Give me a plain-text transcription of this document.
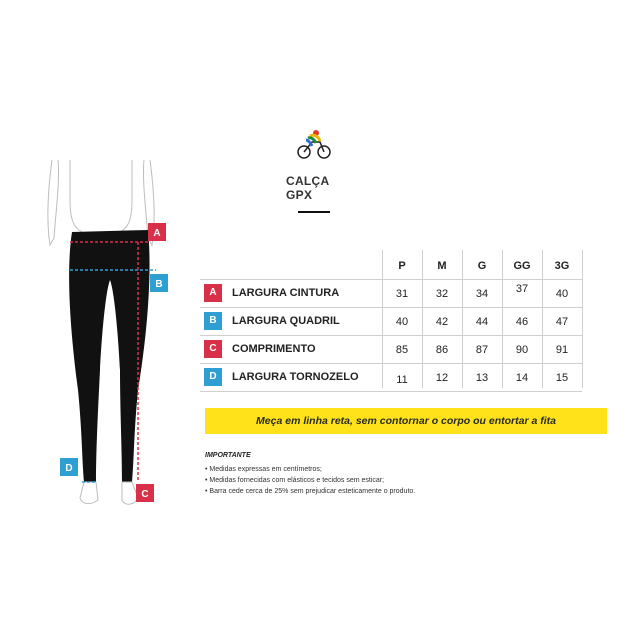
CALÇA GPX
A
B
C
D
P	M	G	GG	3G
A	LARGURA CINTURA	31	32	34	37	40
B	LARGURA QUADRIL	40	42	44	46	47
C	COMPRIMENTO	85	86	87	90	91
D	LARGURA TORNOZELO	11	12	13	14	15
Meça em linha reta, sem contornar o corpo ou entortar a fita
IMPORTANTE
• Medidas expressas em centímetros;
• Medidas fornecidas com elásticos e tecidos sem esticar;
• Barra cede cerca de 25% sem prejudicar esteticamente o produto.
